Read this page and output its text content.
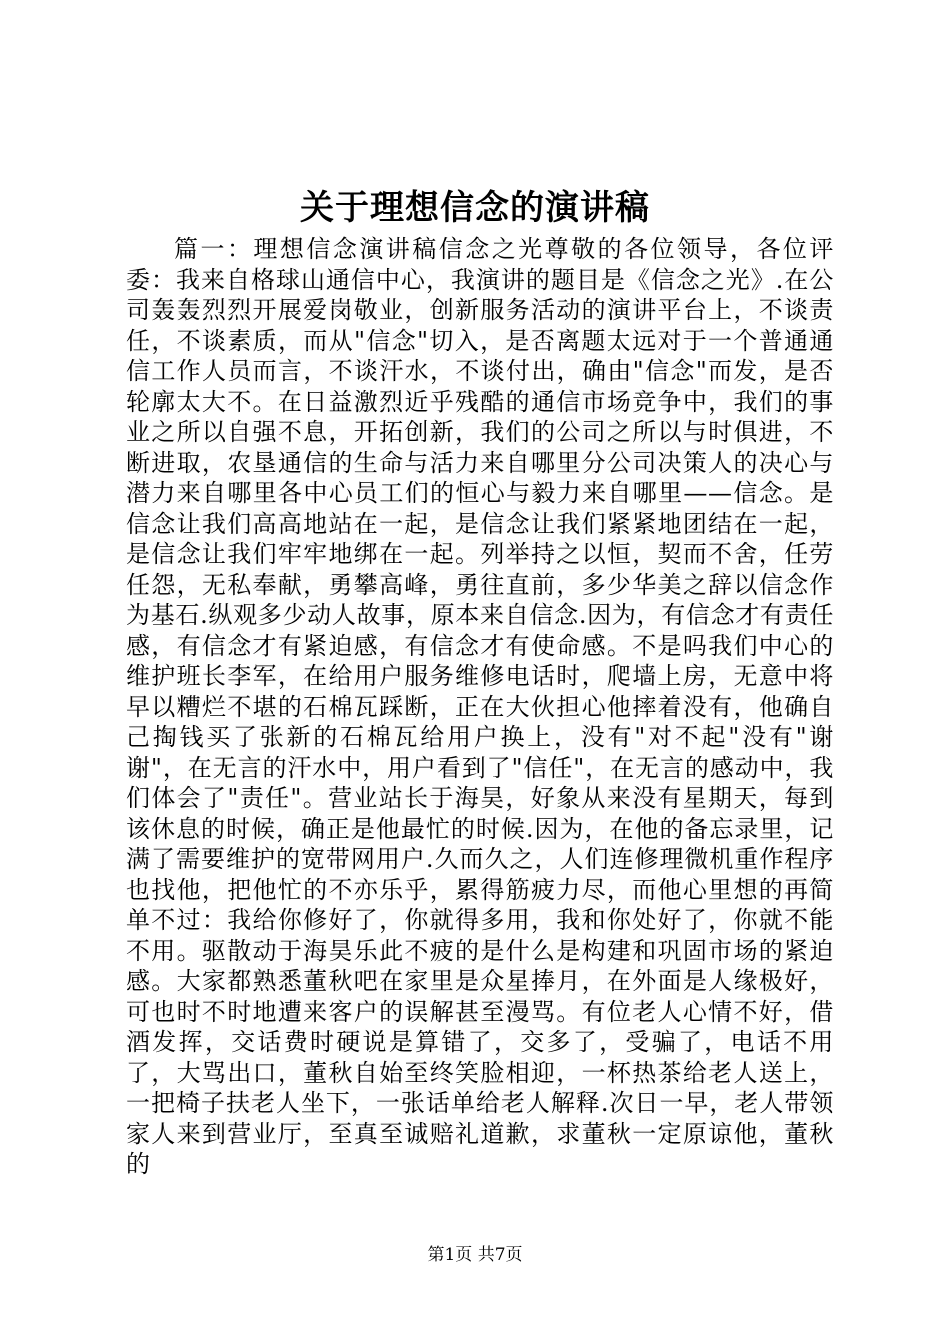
关于理想信念的演讲稿

篇一：理想信念演讲稿信念之光尊敬的各位领导，各位评委：我来自格球山通信中心，我演讲的题目是《信念之光》.在公司轰轰烈烈开展爱岗敬业，创新服务活动的演讲平台上，不谈责任，不谈素质，而从"信念"切入，是否离题太远对于一个普通通信工作人员而言，不谈汗水，不谈付出，确由"信念"而发，是否轮廓太大不。在日益激烈近乎残酷的通信市场竞争中，我们的事业之所以自强不息，开拓创新，我们的公司之所以与时俱进，不断进取，农垦通信的生命与活力来自哪里分公司决策人的决心与潜力来自哪里各中心员工们的恒心与毅力来自哪里——信念。是信念让我们高高地站在一起，是信念让我们紧紧地团结在一起，是信念让我们牢牢地绑在一起。列举持之以恒，契而不舍，任劳任怨，无私奉献，勇攀高峰，勇往直前，多少华美之辞以信念作为基石.纵观多少动人故事，原本来自信念.因为，有信念才有责任感，有信念才有紧迫感，有信念才有使命感。不是吗我们中心的维护班长李军，在给用户服务维修电话时，爬墙上房，无意中将早以糟烂不堪的石棉瓦踩断，正在大伙担心他摔着没有，他确自己掏钱买了张新的石棉瓦给用户换上，没有"对不起"没有"谢谢"，在无言的汗水中，用户看到了"信任"，在无言的感动中，我们体会了"责任"。营业站长于海昊，好象从来没有星期天，每到该休息的时候，确正是他最忙的时候.因为，在他的备忘录里，记满了需要维护的宽带网用户.久而久之，人们连修理微机重作程序也找他，把他忙的不亦乐乎，累得筋疲力尽，而他心里想的再简单不过：我给你修好了，你就得多用，我和你处好了，你就不能不用。驱散动于海昊乐此不疲的是什么是构建和巩固市场的紧迫感。大家都熟悉董秋吧在家里是众星捧月，在外面是人缘极好，可也时不时地遭来客户的误解甚至漫骂。有位老人心情不好，借酒发挥，交话费时硬说是算错了，交多了，受骗了，电话不用了，大骂出口，董秋自始至终笑脸相迎，一杯热茶给老人送上，一把椅子扶老人坐下，一张话单给老人解释.次日一早，老人带领家人来到营业厅，至真至诚赔礼道歉，求董秋一定原谅他，董秋的

第1页 共7页
